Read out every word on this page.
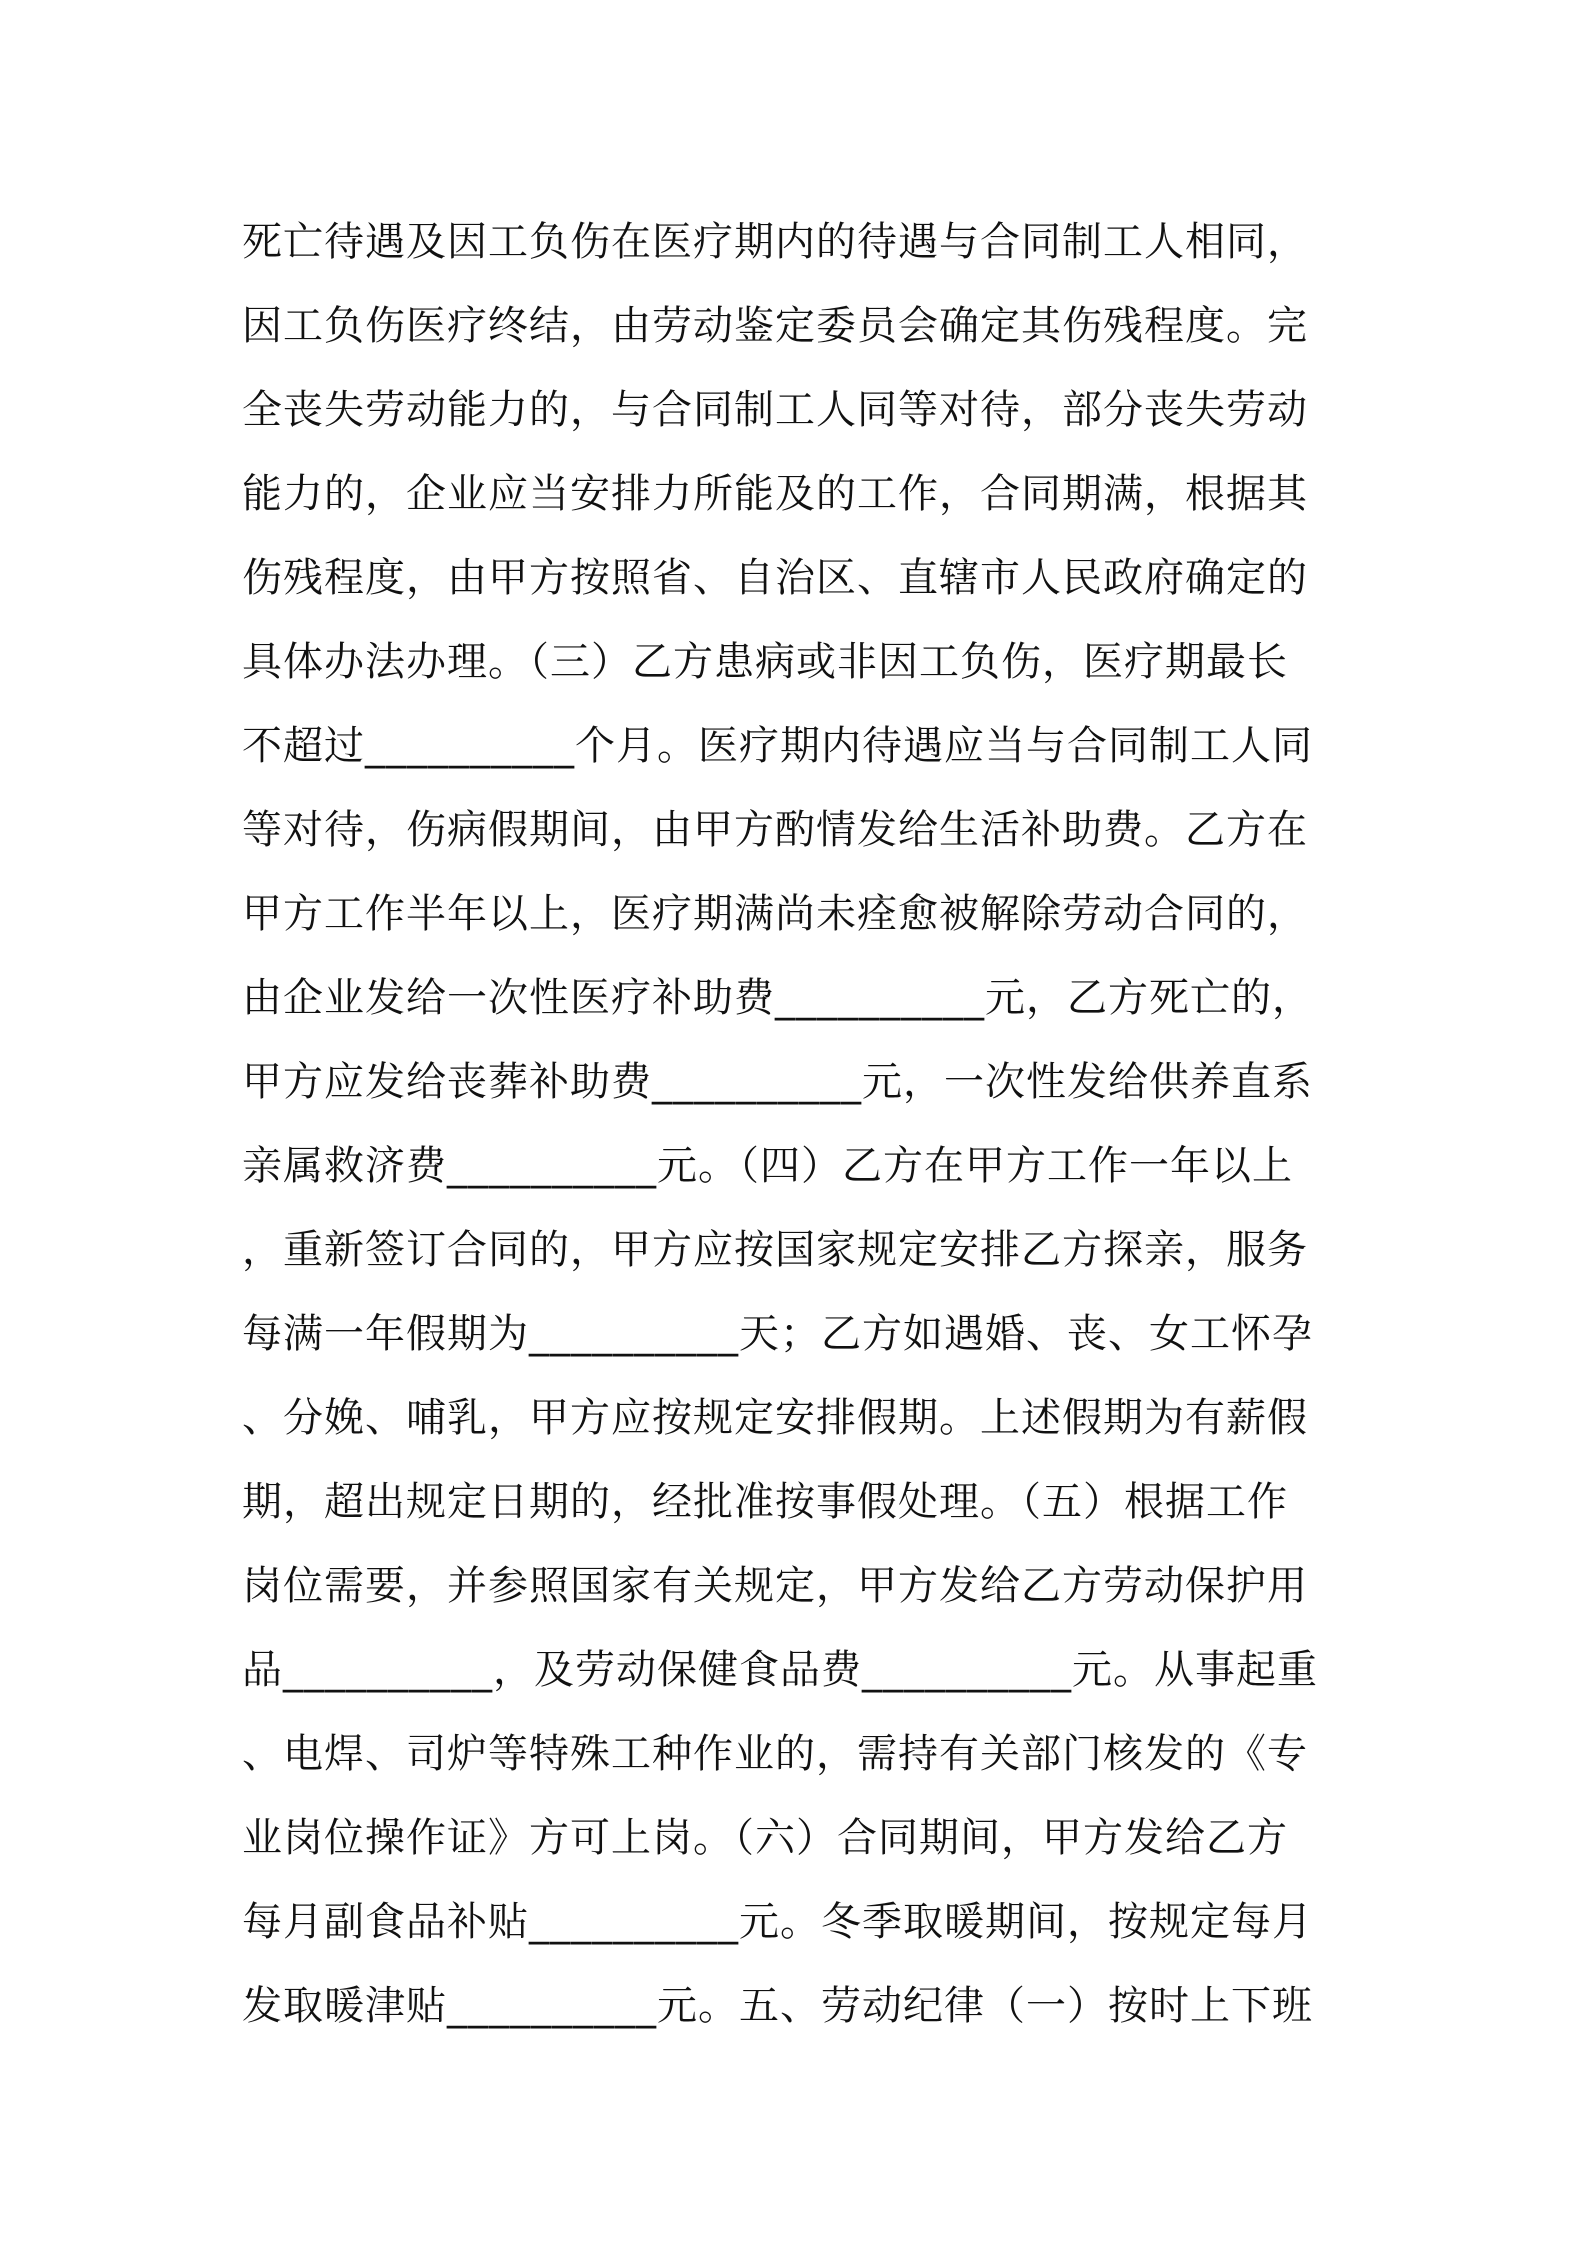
死亡待遇及因工负伤在医疗期内的待遇与合同制工人相同，
因工负伤医疗终结，由劳动鉴定委员会确定其伤残程度。完
全丧失劳动能力的，与合同制工人同等对待，部分丧失劳动
能力的，企业应当安排力所能及的工作，合同期满，根据其
伤残程度，由甲方按照省、自治区、直辖市人民政府确定的
具体办法办理。（三）乙方患病或非因工负伤，医疗期最长
不超过__________个月。医疗期内待遇应当与合同制工人同
等对待，伤病假期间，由甲方酌情发给生活补助费。乙方在
甲方工作半年以上，医疗期满尚未痊愈被解除劳动合同的，
由企业发给一次性医疗补助费__________元，乙方死亡的，
甲方应发给丧葬补助费__________元，一次性发给供养直系
亲属救济费__________元。（四）乙方在甲方工作一年以上
，重新签订合同的，甲方应按国家规定安排乙方探亲，服务
每满一年假期为__________天；乙方如遇婚、丧、女工怀孕
、分娩、哺乳，甲方应按规定安排假期。上述假期为有薪假
期，超出规定日期的，经批准按事假处理。（五）根据工作
岗位需要，并参照国家有关规定，甲方发给乙方劳动保护用
品__________，及劳动保健食品费__________元。从事起重
、电焊、司炉等特殊工种作业的，需持有关部门核发的《专
业岗位操作证》方可上岗。（六）合同期间，甲方发给乙方
每月副食品补贴__________元。冬季取暖期间，按规定每月
发取暖津贴__________元。五、劳动纪律（一）按时上下班
